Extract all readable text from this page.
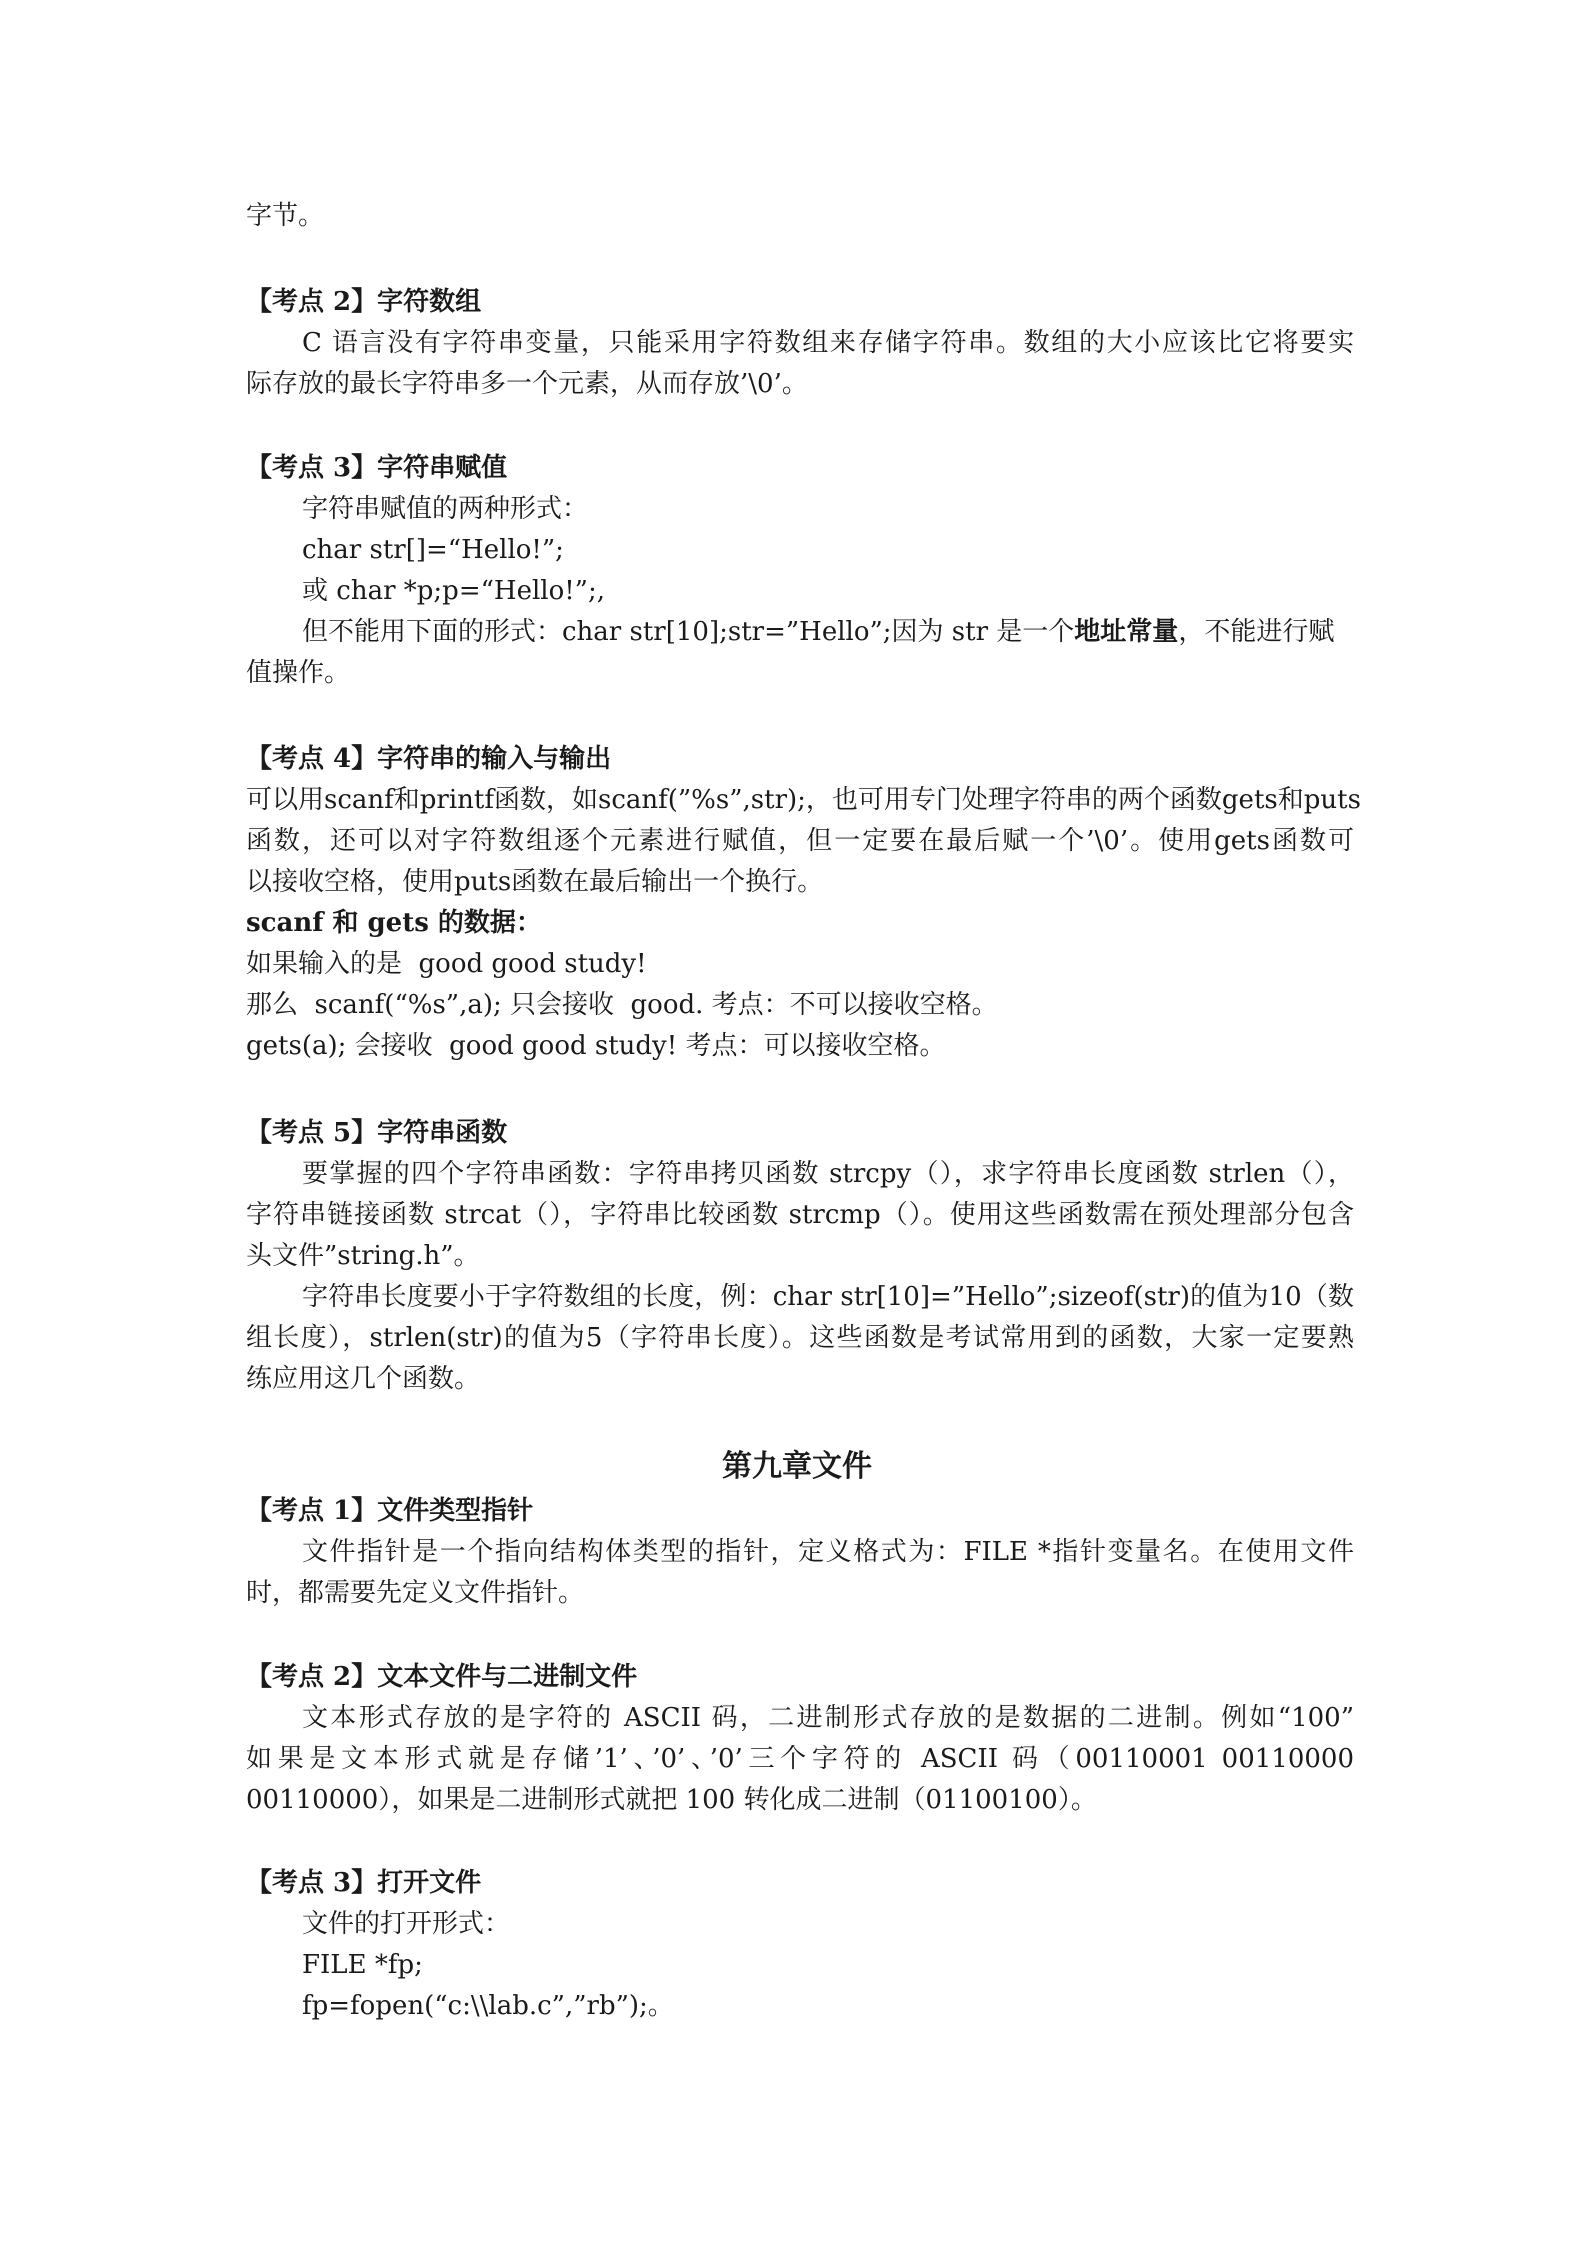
字节。
【考点 2】字符数组
C 语言没有字符串变量，只能采用字符数组来存储字符串。数组的大小应该比它将要实
际存放的最长字符串多一个元素，从而存放’\0’。
【考点 3】字符串赋值
字符串赋值的两种形式：
char str[]=“Hello!”;
或 char *p;p=“Hello!”;,
但不能用下面的形式：char str[10];str=”Hello”;因为 str 是一个地址常量，不能进行赋
值操作。
【考点 4】字符串的输入与输出
可以用scanf和printf函数，如scanf(”%s”,str);，也可用专门处理字符串的两个函数gets和puts
函数，还可以对字符数组逐个元素进行赋值，但一定要在最后赋一个’\0’。使用gets函数可
以接收空格，使用puts函数在最后输出一个换行。
scanf 和 gets 的数据：
如果输入的是  good good study!
那么  scanf(“%s”,a); 只会接收  good. 考点：不可以接收空格。
gets(a); 会接收  good good study! 考点：可以接收空格。
【考点 5】字符串函数
要掌握的四个字符串函数：字符串拷贝函数 strcpy（），求字符串长度函数 strlen（），
字符串链接函数 strcat（），字符串比较函数 strcmp（）。使用这些函数需在预处理部分包含
头文件”string.h”。
字符串长度要小于字符数组的长度，例：char str[10]=”Hello”;sizeof(str)的值为10（数
组长度），strlen(str)的值为5（字符串长度）。这些函数是考试常用到的函数，大家一定要熟
练应用这几个函数。
第九章文件
【考点 1】文件类型指针
文件指针是一个指向结构体类型的指针，定义格式为：FILE *指针变量名。在使用文件
时，都需要先定义文件指针。
【考点 2】文本文件与二进制文件
文本形式存放的是字符的 ASCII 码，二进制形式存放的是数据的二进制。例如“100”
如果是文本形式就是存储’1’、’0’、’0’三个字符的 ASCII 码（00110001 00110000
00110000），如果是二进制形式就把 100 转化成二进制（01100100）。
【考点 3】打开文件
文件的打开形式：
FILE *fp;
fp=fopen(“c:\\lab.c”,”rb”);。
